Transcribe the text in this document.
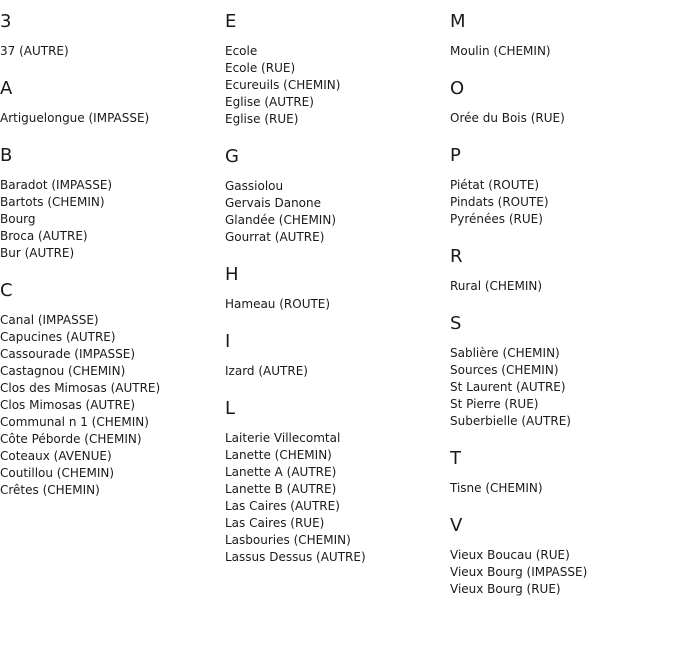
3
37 (AUTRE)
A
Artiguelongue (IMPASSE)
B
Baradot (IMPASSE)
Bartots (CHEMIN)
Bourg
Broca (AUTRE)
Bur (AUTRE)
C
Canal (IMPASSE)
Capucines (AUTRE)
Cassourade (IMPASSE)
Castagnou (CHEMIN)
Clos des Mimosas (AUTRE)
Clos Mimosas (AUTRE)
Communal n 1 (CHEMIN)
Côte Péborde (CHEMIN)
Coteaux (AVENUE)
Coutillou (CHEMIN)
Crêtes (CHEMIN)
E
Ecole
Ecole (RUE)
Ecureuils (CHEMIN)
Eglise (AUTRE)
Eglise (RUE)
G
Gassiolou
Gervais Danone
Glandée (CHEMIN)
Gourrat (AUTRE)
H
Hameau (ROUTE)
I
Izard (AUTRE)
L
Laiterie Villecomtal
Lanette (CHEMIN)
Lanette A (AUTRE)
Lanette B (AUTRE)
Las Caires (AUTRE)
Las Caires (RUE)
Lasbouries (CHEMIN)
Lassus Dessus (AUTRE)
M
Moulin (CHEMIN)
O
Orée du Bois (RUE)
P
Piétat (ROUTE)
Pindats (ROUTE)
Pyrénées (RUE)
R
Rural (CHEMIN)
S
Sablière (CHEMIN)
Sources (CHEMIN)
St Laurent (AUTRE)
St Pierre (RUE)
Suberbielle (AUTRE)
T
Tisne (CHEMIN)
V
Vieux Boucau (RUE)
Vieux Bourg (IMPASSE)
Vieux Bourg (RUE)
